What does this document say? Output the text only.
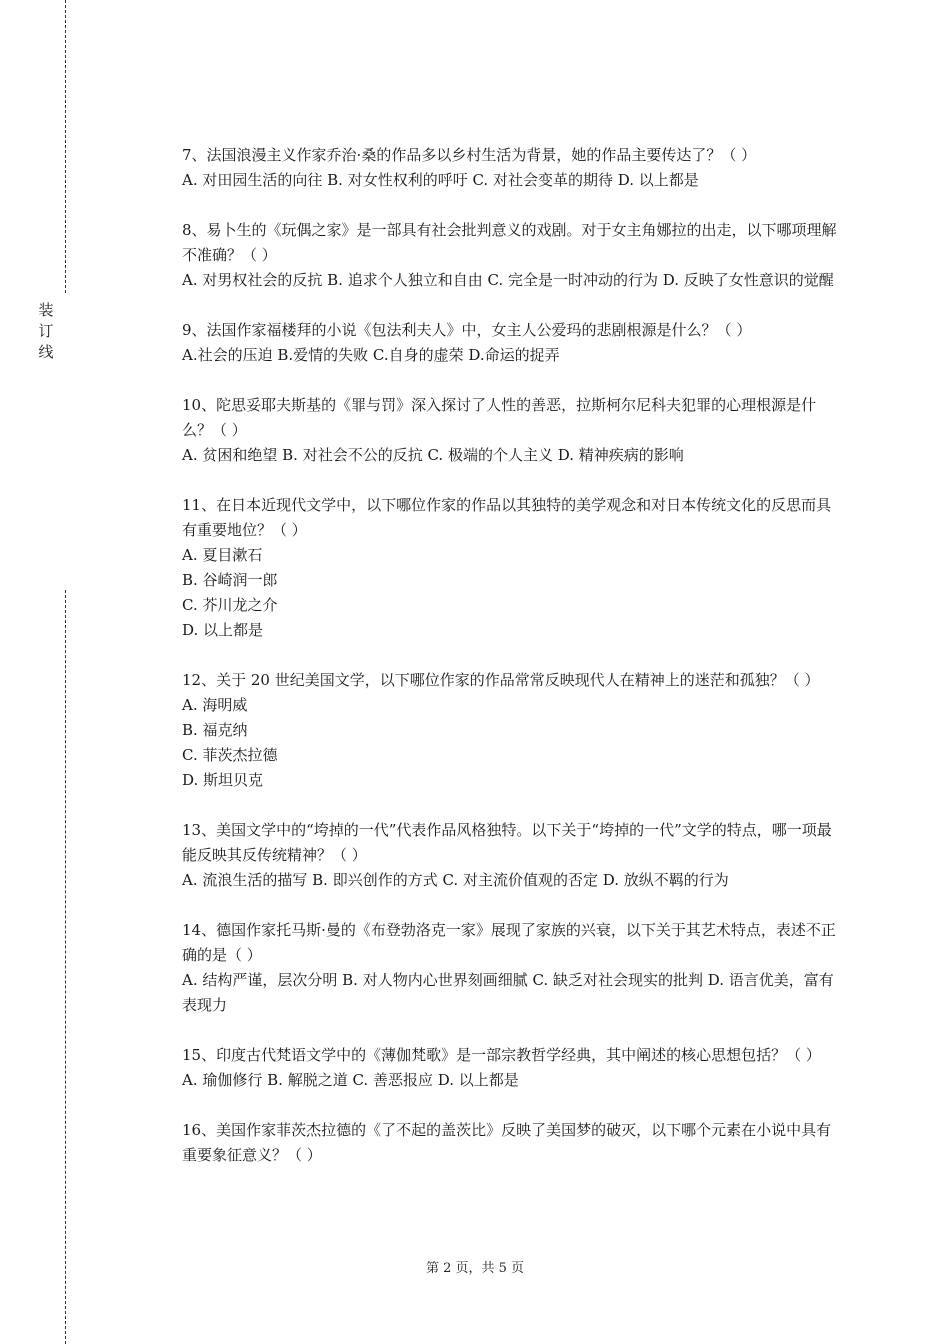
装
订
线

7、法国浪漫主义作家乔治·桑的作品多以乡村生活为背景，她的作品主要传达了？（ ）

A. 对田园生活的向往 B. 对女性权利的呼吁 C. 对社会变革的期待 D. 以上都是

8、易卜生的《玩偶之家》是一部具有社会批判意义的戏剧。对于女主角娜拉的出走，以下哪项理解不准确？（ ）

A. 对男权社会的反抗 B. 追求个人独立和自由 C. 完全是一时冲动的行为 D. 反映了女性意识的觉醒

9、法国作家福楼拜的小说《包法利夫人》中，女主人公爱玛的悲剧根源是什么？（ ）

A.社会的压迫 B.爱情的失败 C.自身的虚荣 D.命运的捉弄

10、陀思妥耶夫斯基的《罪与罚》深入探讨了人性的善恶，拉斯柯尔尼科夫犯罪的心理根源是什么？（ ）

A. 贫困和绝望 B. 对社会不公的反抗 C. 极端的个人主义 D. 精神疾病的影响

11、在日本近现代文学中，以下哪位作家的作品以其独特的美学观念和对日本传统文化的反思而具有重要地位？（ ）

A. 夏目漱石

B. 谷崎润一郎

C. 芥川龙之介

D. 以上都是

12、关于 20 世纪美国文学，以下哪位作家的作品常常反映现代人在精神上的迷茫和孤独？（ ）

A. 海明威

B. 福克纳

C. 菲茨杰拉德

D. 斯坦贝克

13、美国文学中的“垮掉的一代”代表作品风格独特。以下关于“垮掉的一代”文学的特点，哪一项最能反映其反传统精神？（ ）

A. 流浪生活的描写 B. 即兴创作的方式 C. 对主流价值观的否定 D. 放纵不羁的行为

14、德国作家托马斯·曼的《布登勃洛克一家》展现了家族的兴衰，以下关于其艺术特点，表述不正确的是（ ）

A. 结构严谨，层次分明 B. 对人物内心世界刻画细腻 C. 缺乏对社会现实的批判 D. 语言优美，富有表现力

15、印度古代梵语文学中的《薄伽梵歌》是一部宗教哲学经典，其中阐述的核心思想包括？（ ）

A. 瑜伽修行 B. 解脱之道 C. 善恶报应 D. 以上都是

16、美国作家菲茨杰拉德的《了不起的盖茨比》反映了美国梦的破灭，以下哪个元素在小说中具有重要象征意义？（ ）

第 2 页，共 5 页
